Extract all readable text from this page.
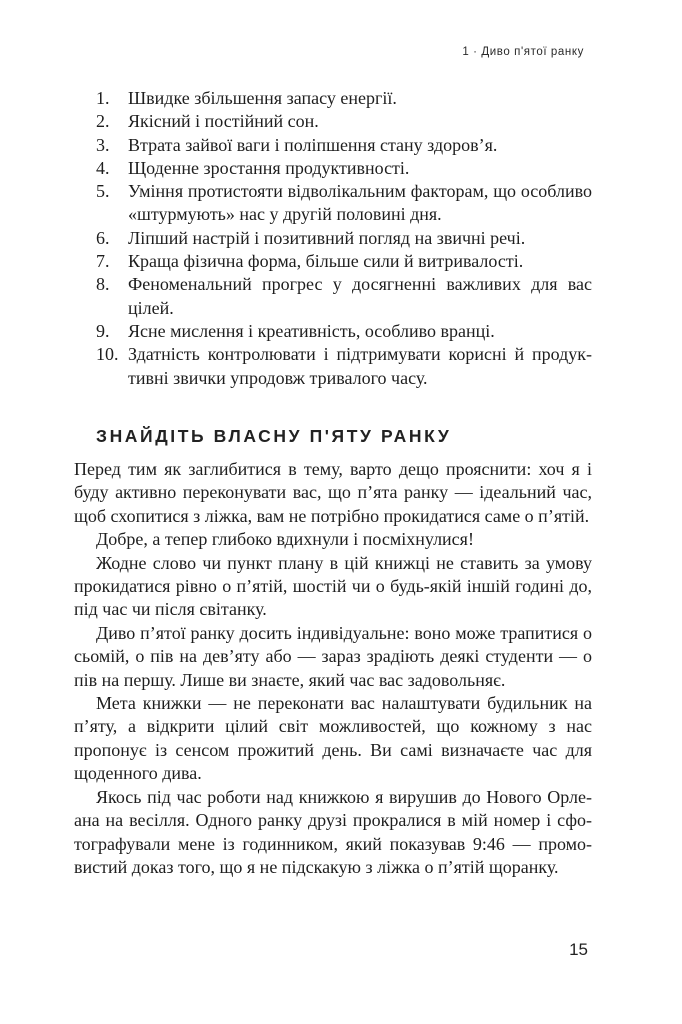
1 · Диво п'ятої ранку
1.	Швидке збільшення запасу енергії.
2.	Якісний і постійний сон.
3.	Втрата зайвої ваги і поліпшення стану здоров’я.
4.	Щоденне зростання продуктивності.
5.	Уміння протистояти відволікальним факторам, що особливо «штурмують» нас у другій половині дня.
6.	Ліпший настрій і позитивний погляд на звичні речі.
7.	Краща фізична форма, більше сили й витривалості.
8.	Феноменальний прогрес у досягненні важливих для вас цілей.
9.	Ясне мислення і креативність, особливо вранці.
10. Здатність контролювати і підтримувати корисні й продуктивні звички упродовж тривалого часу.
ЗНАЙДІТЬ ВЛАСНУ П'ЯТУ РАНКУ

Перед тим як заглибитися в тему, варто дещо прояснити: хоч я і буду активно переконувати вас, що п’ята ранку — ідеальний час, щоб схопитися з ліжка, вам не потрібно прокидатися саме о п’ятій.

Добре, а тепер глибоко вдихнули і посміхнулися!

Жодне слово чи пункт плану в цій книжці не ставить за умову прокидатися рівно о п’ятій, шостій чи о будь-якій іншій годині до, під час чи після світанку.

Диво п’ятої ранку досить індивідуальне: воно може трапитися о сьомій, о пів на дев’яту або — зараз зрадіють деякі студенти — о пів на першу. Лише ви знаєте, який час вас задовольняє.

Мета книжки — не переконати вас налаштувати будильник на п’яту, а відкрити цілий світ можливостей, що кожному з нас пропонує із сенсом прожитий день. Ви самі визначаєте час для щоденного дива.

Якось під час роботи над книжкою я вирушив до Нового Орлеана на весілля. Одного ранку друзі прокралися в мій номер і сфотографували мене із годинником, який показував 9:46 — промовистий доказ того, що я не підскакую з ліжка о п’ятій щоранку.

15
